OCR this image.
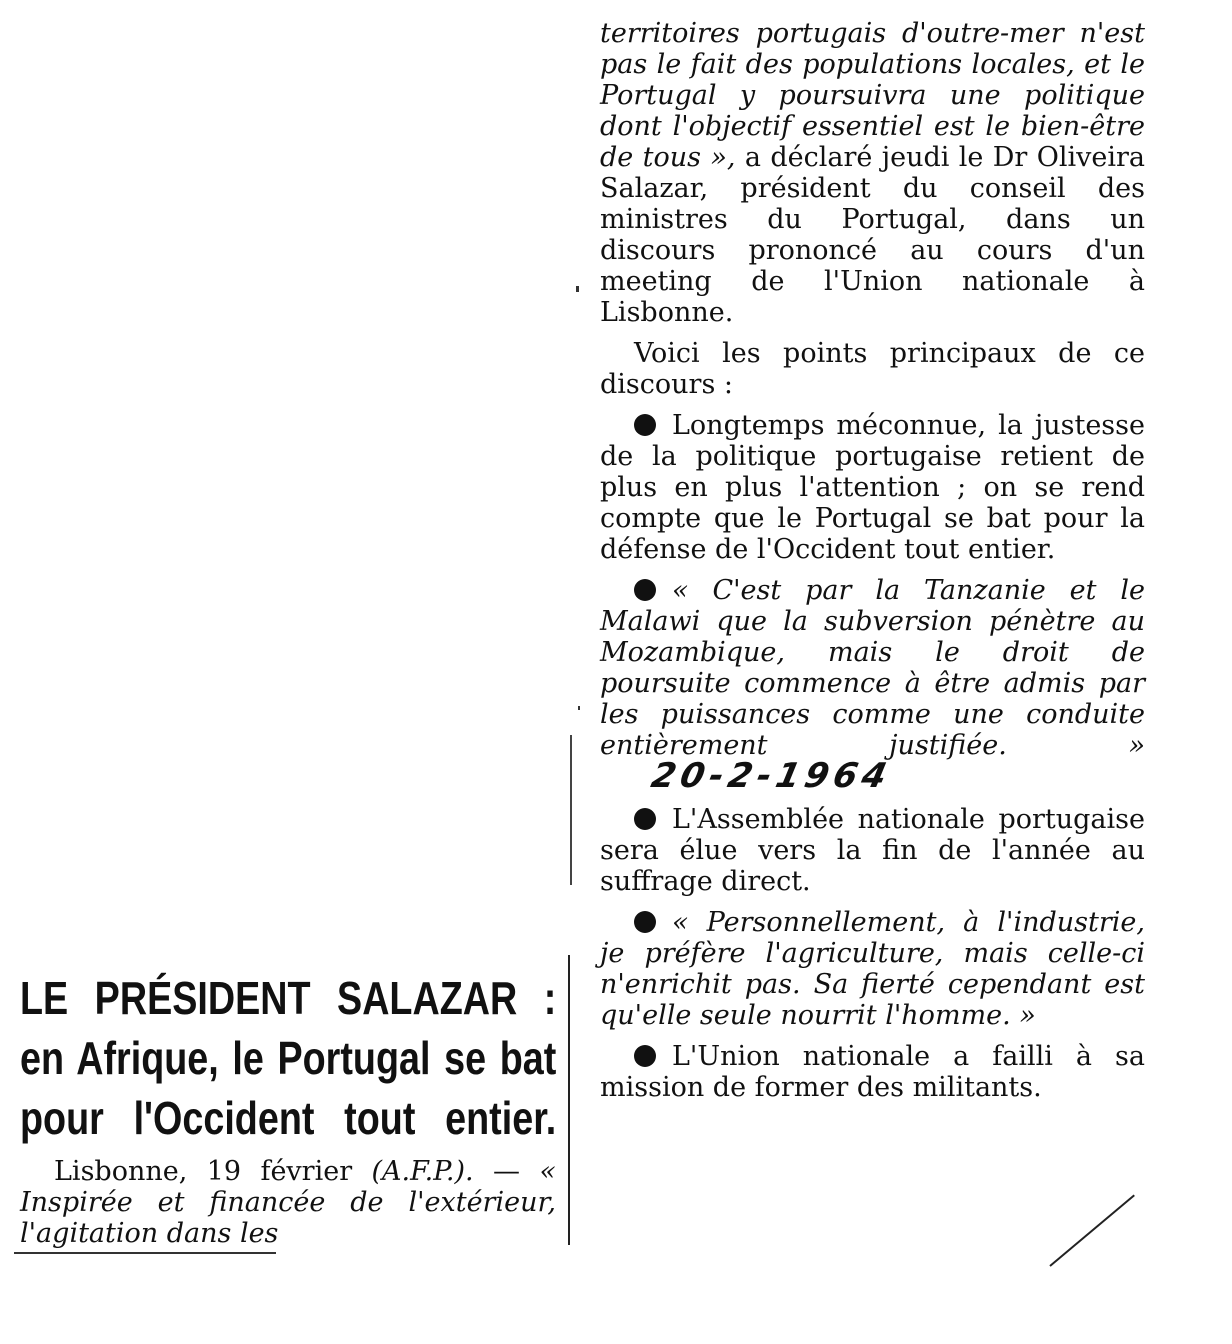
territoires portugais d'outre-mer n'est pas le fait des populations locales, et le Portugal y poursuivra une politique dont l'objectif essentiel est le bien-être de tous », a déclaré jeudi le Dr Oliveira Salazar, président du conseil des ministres du Portugal, dans un discours prononcé au cours d'un meeting de l'Union nationale à Lisbonne.

Voici les points principaux de ce discours :

Longtemps méconnue, la justesse de la politique portugaise retient de plus en plus l'attention ; on se rend compte que le Portugal se bat pour la défense de l'Occident tout entier.

« C'est par la Tanzanie et le Malawi que la subversion pénètre au Mozambique, mais le droit de poursuite commence à être admis par les puissances comme une conduite entièrement justifiée. »20-2-1964

L'Assemblée nationale portugaise sera élue vers la fin de l'année au suffrage direct.

« Personnellement, à l'industrie, je préfère l'agriculture, mais celle-ci n'enrichit pas. Sa fierté cependant est qu'elle seule nourrit l'homme. »

L'Union nationale a failli à sa mission de former des militants.

LE PRÉSIDENT SALAZAR : en Afrique, le Portugal se bat pour l'Occident tout entier.

Lisbonne, 19 février (A.F.P.). — « Inspirée et financée de l'extérieur, l'agitation dans les
